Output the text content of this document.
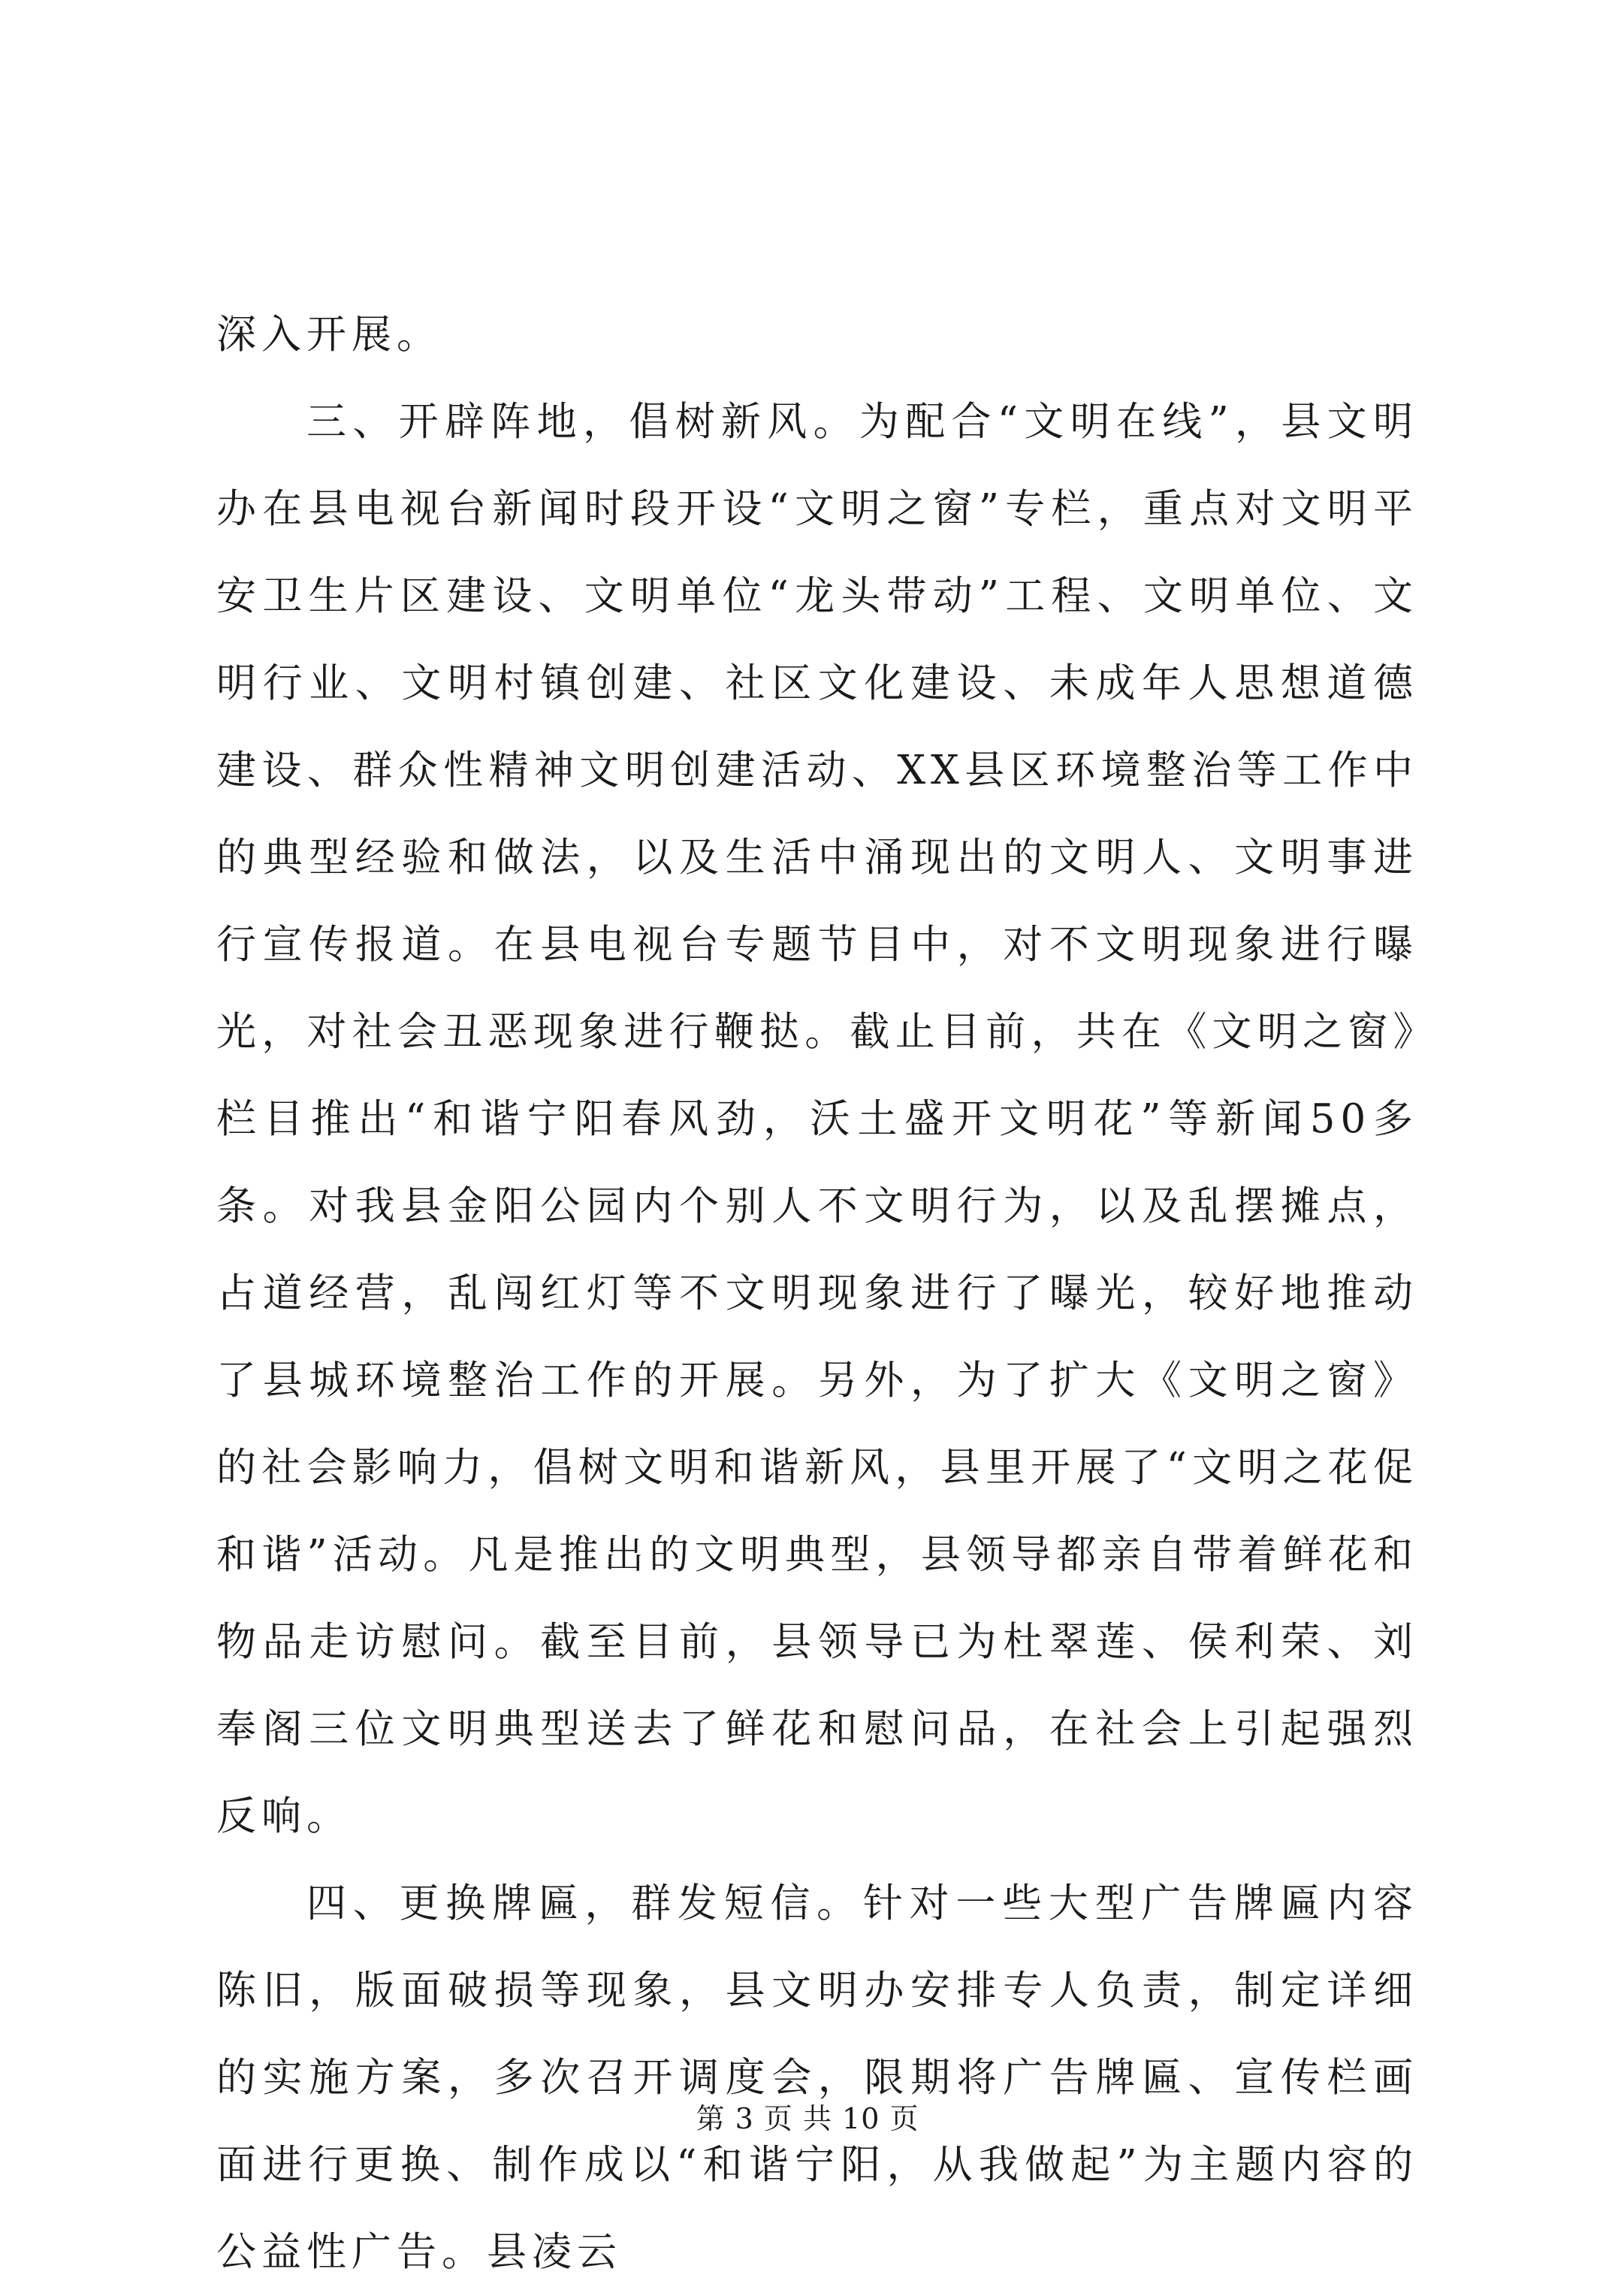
深入开展。

三、开辟阵地，倡树新风。为配合“文明在线”，县文明办在县电视台新闻时段开设“文明之窗”专栏，重点对文明平安卫生片区建设、文明单位“龙头带动”工程、文明单位、文明行业、文明村镇创建、社区文化建设、未成年人思想道德建设、群众性精神文明创建活动、XX县区环境整治等工作中的典型经验和做法，以及生活中涌现出的文明人、文明事进行宣传报道。在县电视台专题节目中，对不文明现象进行曝光，对社会丑恶现象进行鞭挞。截止目前，共在《文明之窗》栏目推出“和谐宁阳春风劲，沃土盛开文明花”等新闻50多条。对我县金阳公园内个别人不文明行为，以及乱摆摊点，占道经营，乱闯红灯等不文明现象进行了曝光，较好地推动了县城环境整治工作的开展。另外，为了扩大《文明之窗》的社会影响力，倡树文明和谐新风，县里开展了“文明之花促和谐”活动。凡是推出的文明典型，县领导都亲自带着鲜花和物品走访慰问。截至目前，县领导已为杜翠莲、侯利荣、刘奉阁三位文明典型送去了鲜花和慰问品，在社会上引起强烈反响。

四、更换牌匾，群发短信。针对一些大型广告牌匾内容陈旧，版面破损等现象，县文明办安排专人负责，制定详细的实施方案，多次召开调度会，限期将广告牌匾、宣传栏画面进行更换、制作成以“和谐宁阳，从我做起”为主题内容的公益性广告。县凌云

第 3 页 共 10 页
